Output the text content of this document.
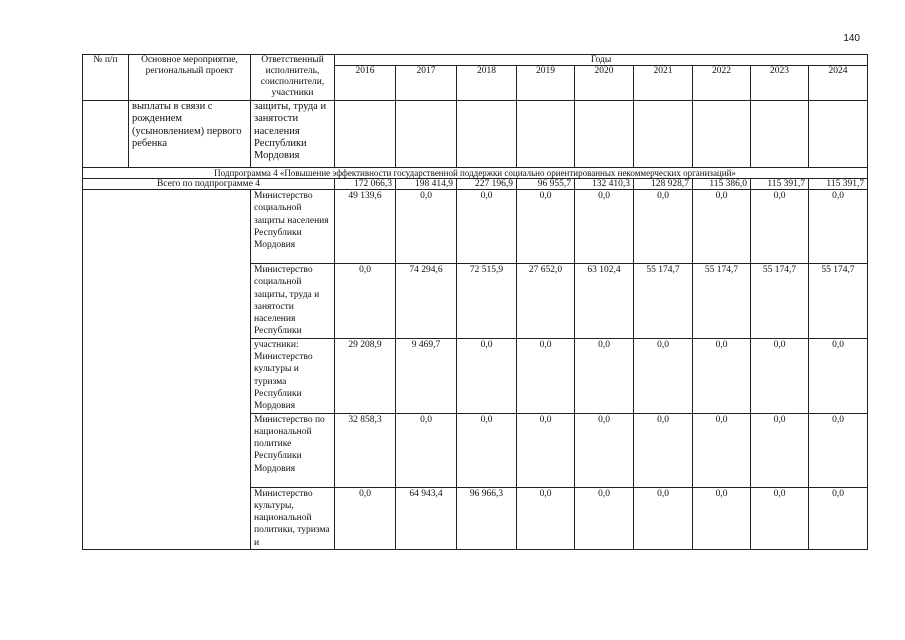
140
№ п/п	Основное мероприятие, региональный проект	Ответственный исполнитель, соисполнители, участники	Годы								
			2016	2017	2018	2019	2020	2021	2022	2023	2024
	выплаты в связи с рождением (усыновлением) первого ребенка	защиты, труда и занятости населения Республики Мордовия									
Подпрограмма 4 «Повышение эффективности государственной поддержки социально ориентированных некоммерческих организаций»											
Всего по подпрограмме 4			172 066,3	198 414,9	227 196,9	96 955,7	132 410,3	128 928,7	115 386,0	115 391,7	115 391,7
		Министерство социальной защиты населения Республики Мордовия	49 139,6	0,0	0,0	0,0	0,0	0,0	0,0	0,0	0,0
		Министерство социальной защиты, труда и занятости населения Республики	0,0	74 294,6	72 515,9	27 652,0	63 102,4	55 174,7	55 174,7	55 174,7	55 174,7
		участники: Министерство культуры и туризма Республики Мордовия	29 208,9	9 469,7	0,0	0,0	0,0	0,0	0,0	0,0	0,0
		Министерство по национальной политике Республики Мордовия	32 858,3	0,0	0,0	0,0	0,0	0,0	0,0	0,0	0,0
		Министерство культуры, национальной политики, туризма и	0,0	64 943,4	96 966,3	0,0	0,0	0,0	0,0	0,0	0,0
